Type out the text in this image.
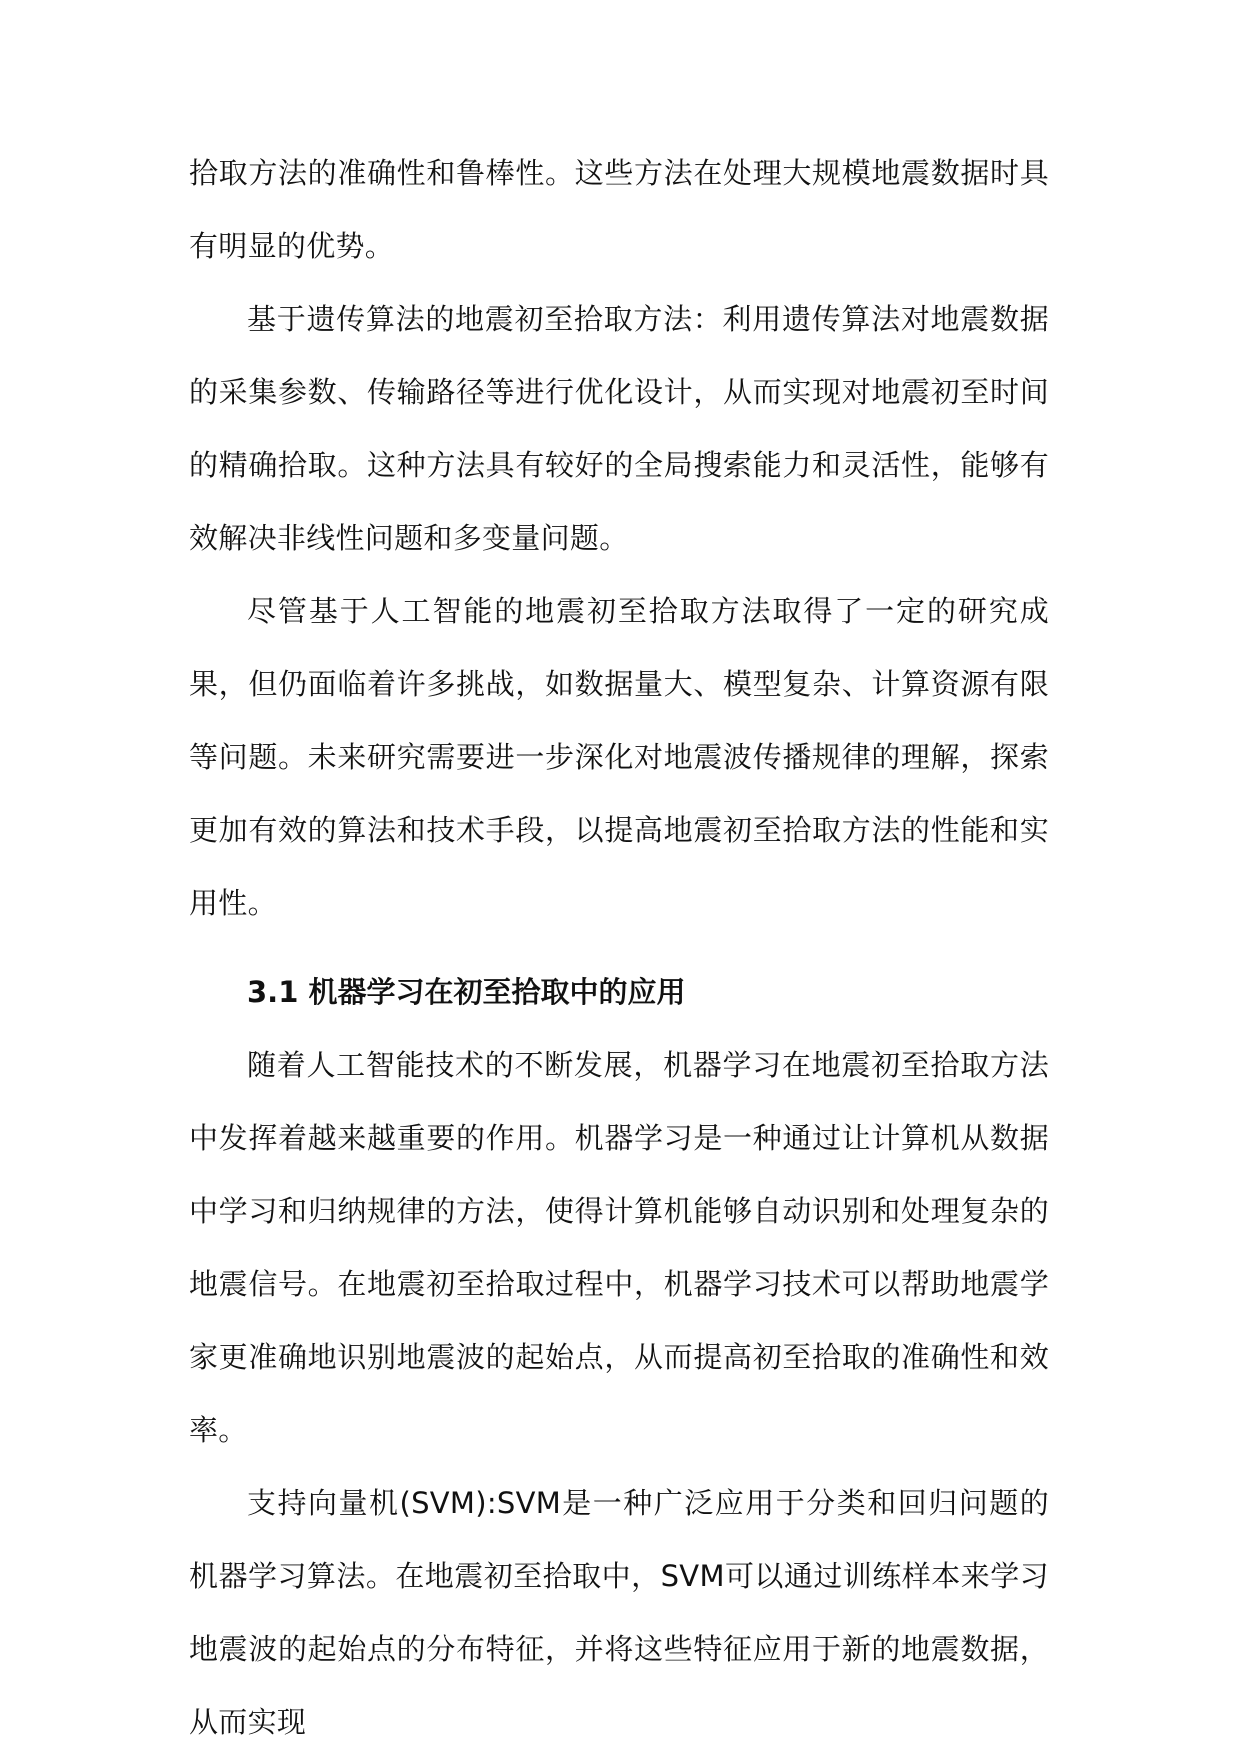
拾取方法的准确性和鲁棒性。这些方法在处理大规模地震数据时具有明显的优势。

基于遗传算法的地震初至拾取方法：利用遗传算法对地震数据的采集参数、传输路径等进行优化设计，从而实现对地震初至时间的精确拾取。这种方法具有较好的全局搜索能力和灵活性，能够有效解决非线性问题和多变量问题。

尽管基于人工智能的地震初至拾取方法取得了一定的研究成果，但仍面临着许多挑战，如数据量大、模型复杂、计算资源有限等问题。未来研究需要进一步深化对地震波传播规律的理解，探索更加有效的算法和技术手段，以提高地震初至拾取方法的性能和实用性。

3.1 机器学习在初至拾取中的应用

随着人工智能技术的不断发展，机器学习在地震初至拾取方法中发挥着越来越重要的作用。机器学习是一种通过让计算机从数据中学习和归纳规律的方法，使得计算机能够自动识别和处理复杂的地震信号。在地震初至拾取过程中，机器学习技术可以帮助地震学家更准确地识别地震波的起始点，从而提高初至拾取的准确性和效率。

支持向量机(SVM):SVM是一种广泛应用于分类和回归问题的机器学习算法。在地震初至拾取中，SVM可以通过训练样本来学习地震波的起始点的分布特征，并将这些特征应用于新的地震数据，从而实现
